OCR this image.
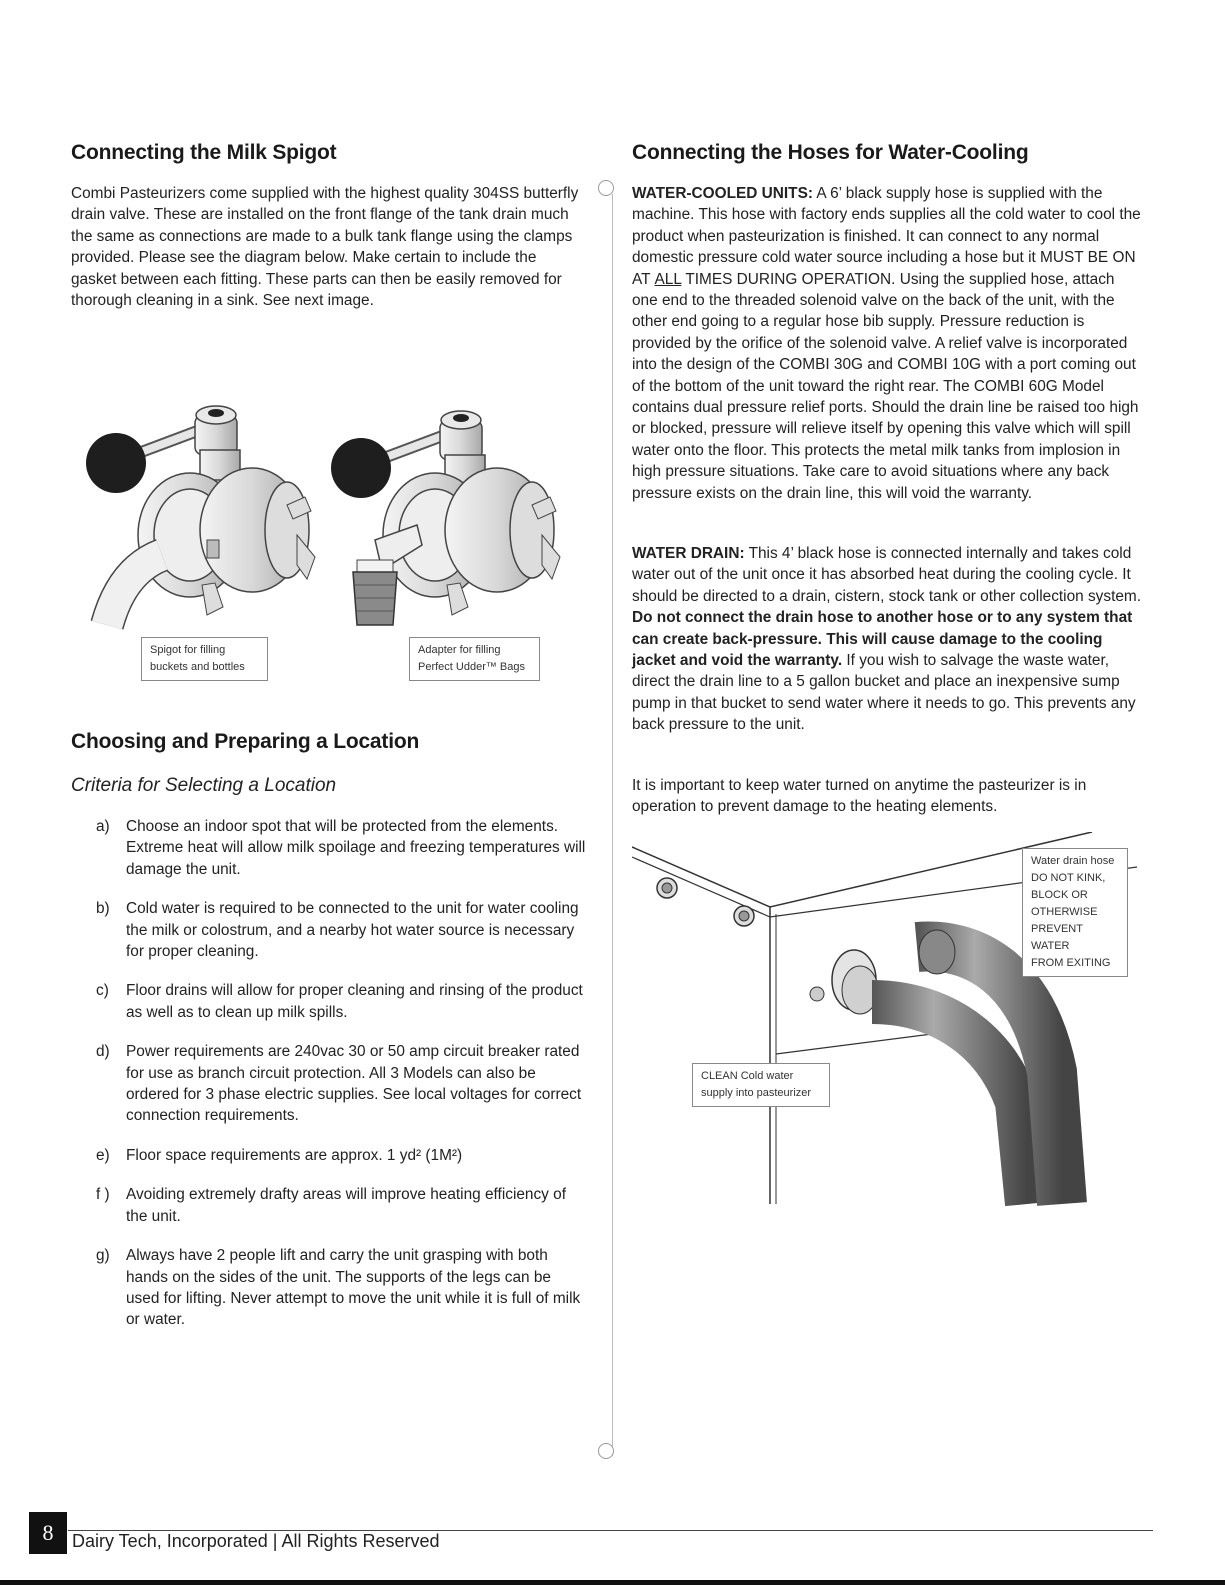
Connecting the Milk Spigot

Combi Pasteurizers come supplied with the highest quality 304SS butterfly drain valve. These are installed on the front flange of the tank drain much the same as connections are made to a bulk tank flange using the clamps provided. Please see the diagram below. Make certain to include the gasket between each fitting. These parts can then be easily removed for thorough cleaning in a sink. See next image.

Spigot for filling
buckets and bottles
Adapter for filling
Perfect Udder™ Bags
Choosing and Preparing a Location

Criteria for Selecting a Location

a) Choose an indoor spot that will be protected from the elements. Extreme heat will allow milk spoilage and freezing temperatures will damage the unit.
b) Cold water is required to be connected to the unit for water cooling the milk or colostrum, and a nearby hot water source is necessary for proper cleaning.
c) Floor drains will allow for proper cleaning and rinsing of the product as well as to clean up milk spills.
d) Power requirements are 240vac 30 or 50 amp circuit breaker rated for use as branch circuit protection. All 3 Models can also be ordered for 3 phase electric supplies. See local voltages for correct connection requirements.
e) Floor space requirements are approx. 1 yd² (1M²)
f ) Avoiding extremely drafty areas will improve heating efficiency of the unit.
g) Always have 2 people lift and carry the unit grasping with both hands on the sides of the unit. The supports of the legs can be used for lifting. Never attempt to move the unit while it is full of milk or water.
Connecting the Hoses for Water-Cooling

WATER-COOLED UNITS: A 6’ black supply hose is supplied with the machine. This hose with factory ends supplies all the cold water to cool the product when pasteurization is finished. It can connect to any normal domestic pressure cold water source including a hose but it MUST BE ON AT ALL TIMES DURING OPERATION. Using the supplied hose, attach one end to the threaded solenoid valve on the back of the unit, with the other end going to a regular hose bib supply. Pressure reduction is provided by the orifice of the solenoid valve. A relief valve is incorporated into the design of the COMBI 30G and COMBI 10G with a port coming out of the bottom of the unit toward the right rear. The COMBI 60G Model contains dual pressure relief ports. Should the drain line be raised too high or blocked, pressure will relieve itself by opening this valve which will spill water onto the floor. This protects the metal milk tanks from implosion in high pressure situations. Take care to avoid situations where any back pressure exists on the drain line, this will void the warranty.

WATER DRAIN: This 4’ black hose is connected internally and takes cold water out of the unit once it has absorbed heat during the cooling cycle. It should be directed to a drain, cistern, stock tank or other collection system. Do not connect the drain hose to another hose or to any system that can create back-pressure. This will cause damage to the cooling jacket and void the warranty. If you wish to salvage the waste water, direct the drain line to a 5 gallon bucket and place an inexpensive sump pump in that bucket to send water where it needs to go. This prevents any back pressure to the unit.

It is important to keep water turned on anytime the pasteurizer is in operation to prevent damage to the heating elements.

Water drain hose
DO NOT KINK,
BLOCK OR
OTHERWISE
PREVENT WATER
FROM EXITING
CLEAN Cold water
supply into pasteurizer
8	Dairy Tech, Incorporated | All Rights Reserved
